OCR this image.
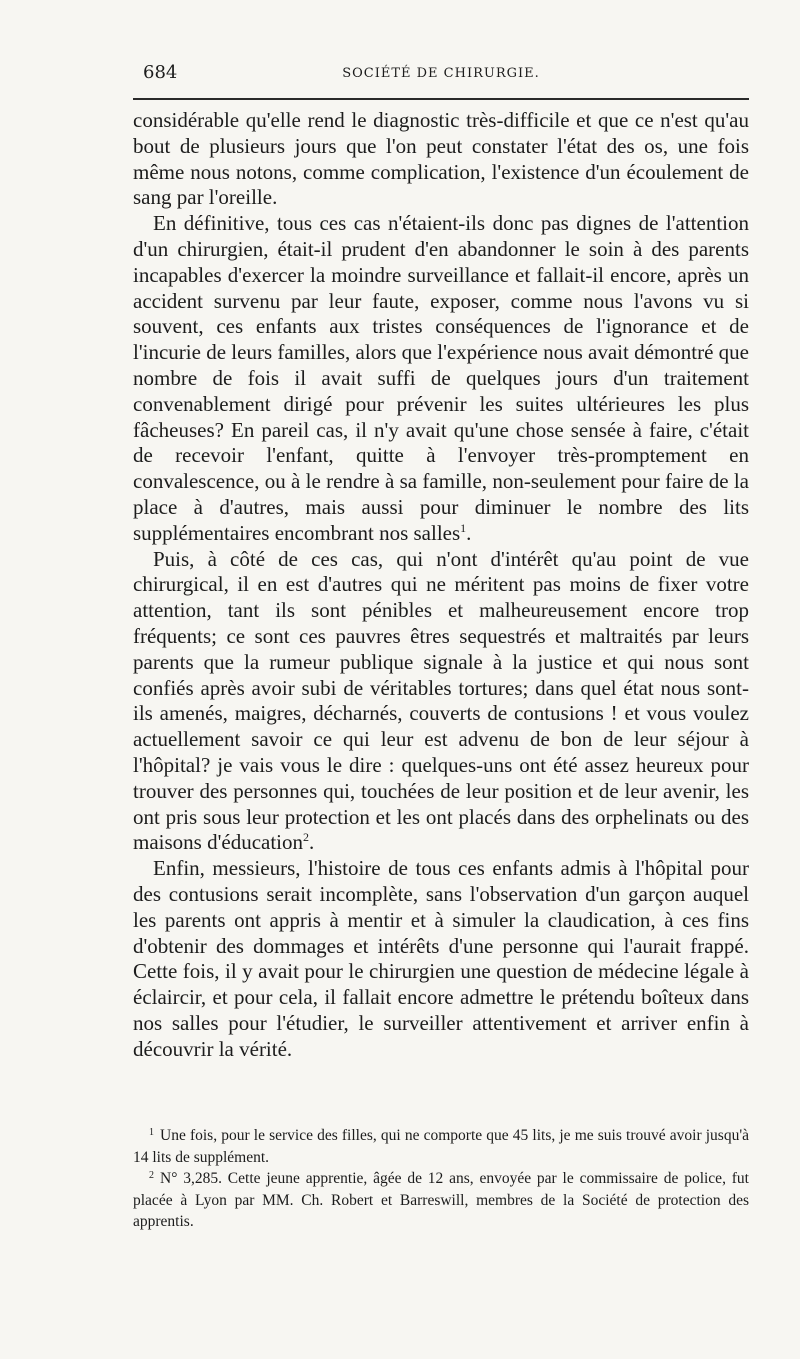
684	SOCIÉTÉ DE CHIRURGIE.

considérable qu'elle rend le diagnostic très-difficile et que ce n'est qu'au bout de plusieurs jours que l'on peut constater l'état des os, une fois même nous notons, comme complication, l'existence d'un écoulement de sang par l'oreille.

En définitive, tous ces cas n'étaient-ils donc pas dignes de l'attention d'un chirurgien, était-il prudent d'en abandonner le soin à des parents incapables d'exercer la moindre surveillance et fallait-il encore, après un accident survenu par leur faute, exposer, comme nous l'avons vu si souvent, ces enfants aux tristes conséquences de l'ignorance et de l'incurie de leurs familles, alors que l'expérience nous avait démontré que nombre de fois il avait suffi de quelques jours d'un traitement convenablement dirigé pour prévenir les suites ultérieures les plus fâcheuses? En pareil cas, il n'y avait qu'une chose sensée à faire, c'était de recevoir l'enfant, quitte à l'envoyer très-promptement en convalescence, ou à le rendre à sa famille, non-seulement pour faire de la place à d'autres, mais aussi pour diminuer le nombre des lits supplémentaires encombrant nos salles$^1$.

Puis, à côté de ces cas, qui n'ont d'intérêt qu'au point de vue chirurgical, il en est d'autres qui ne méritent pas moins de fixer votre attention, tant ils sont pénibles et malheureusement encore trop fréquents; ce sont ces pauvres êtres sequestrés et maltraités par leurs parents que la rumeur publique signale à la justice et qui nous sont confiés après avoir subi de véritables tortures; dans quel état nous sont-ils amenés, maigres, décharnés, couverts de contusions ! et vous voulez actuellement savoir ce qui leur est advenu de bon de leur séjour à l'hôpital? je vais vous le dire : quelques-uns ont été assez heureux pour trouver des personnes qui, touchées de leur position et de leur avenir, les ont pris sous leur protection et les ont placés dans des orphelinats ou des maisons d'éducation$^2$.

Enfin, messieurs, l'histoire de tous ces enfants admis à l'hôpital pour des contusions serait incomplète, sans l'observation d'un garçon auquel les parents ont appris à mentir et à simuler la claudication, à ces fins d'obtenir des dommages et intérêts d'une personne qui l'aurait frappé. Cette fois, il y avait pour le chirurgien une question de médecine légale à éclaircir, et pour cela, il fallait encore admettre le prétendu boîteux dans nos salles pour l'étudier, le surveiller attentivement et arriver enfin à découvrir la vérité.

$^1$ Une fois, pour le service des filles, qui ne comporte que 45 lits, je me suis trouvé avoir jusqu'à 14 lits de supplément.

$^2$ N° 3,285. Cette jeune apprentie, âgée de 12 ans, envoyée par le commissaire de police, fut placée à Lyon par MM. Ch. Robert et Barreswill, membres de la Société de protection des apprentis.
